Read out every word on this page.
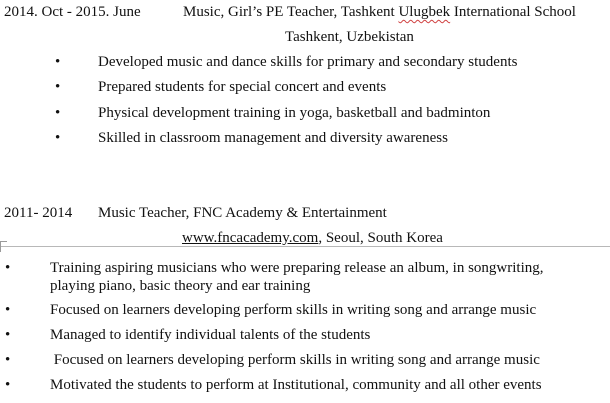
2014. Oct - 2015. June	Music, Girl’s PE Teacher, Tashkent Ulugbek International School
Tashkent, Uzbekistan
•	Developed music and dance skills for primary and secondary students
•	Prepared students for special concert and events
•	Physical development training in yoga, basketball and badminton
•	Skilled in classroom management and diversity awareness
2011- 2014 Music Teacher, FNC Academy & Entertainment
www.fncacademy.com, Seoul, South Korea
•	Training aspiring musicians who were preparing release an album, in songwriting, playing piano, basic theory and ear training
•	Focused on learners developing perform skills in writing song and arrange music
•	Managed to identify individual talents of the students
•	Focused on learners developing perform skills in writing song and arrange music
•	Motivated the students to perform at Institutional, community and all other events
